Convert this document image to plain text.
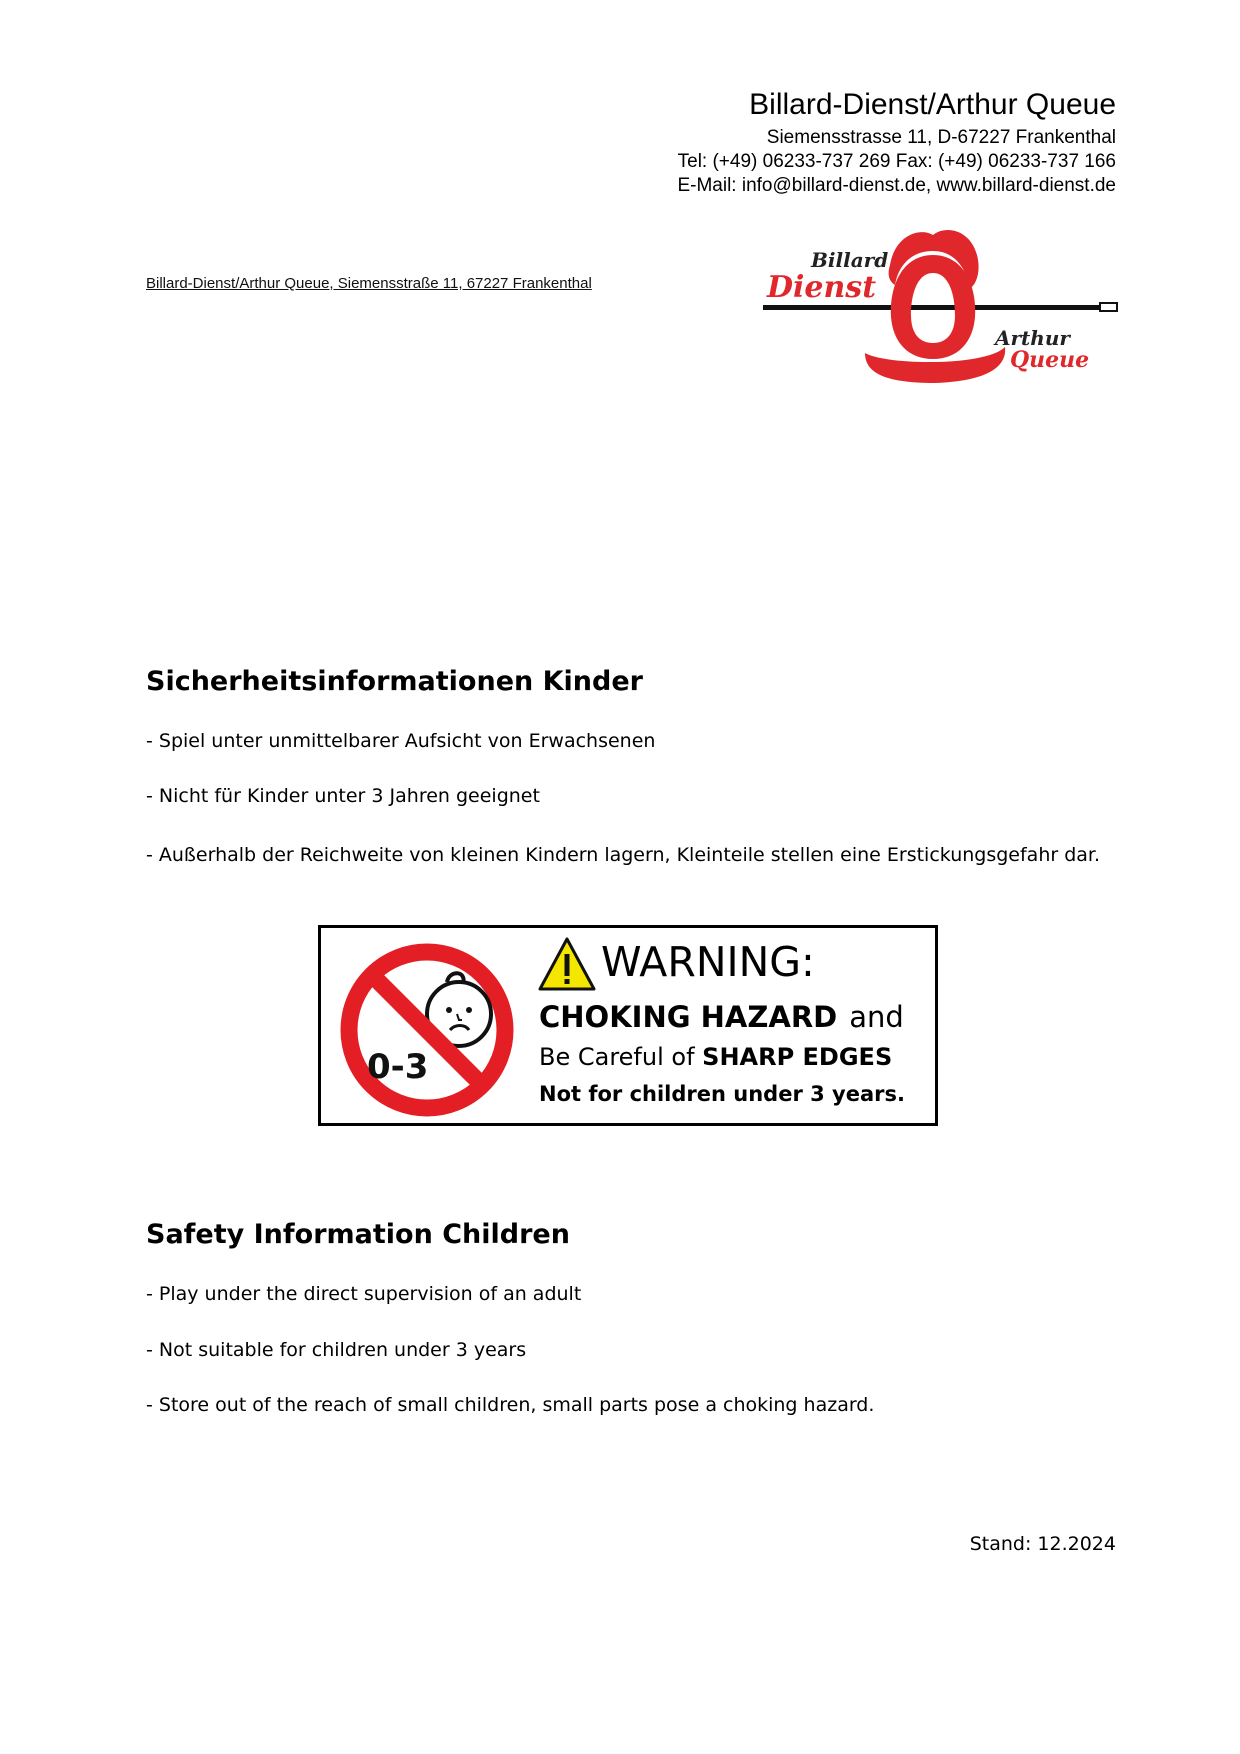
Billard-Dienst/Arthur Queue
Siemensstrasse 11, D-67227 Frankenthal
Tel: (+49) 06233-737 269 Fax: (+49) 06233-737 166
E-Mail: info@billard-dienst.de, www.billard-dienst.de
Billard-Dienst/Arthur Queue, Siemensstraße 11, 67227 Frankenthal
Billard
Dienst
Arthur
Queue
Sicherheitsinformationen Kinder
- Spiel unter unmittelbarer Aufsicht von Erwachsenen
- Nicht für Kinder unter 3 Jahren geeignet
- Außerhalb der Reichweite von kleinen Kindern lagern, Kleinteile stellen eine Erstickungsgefahr dar.
0-3
WARNING:
CHOKING HAZARD and
Be Careful of SHARP EDGES
Not for children under 3 years.
Safety Information Children
- Play under the direct supervision of an adult
- Not suitable for children under 3 years
- Store out of the reach of small children, small parts pose a choking hazard.
Stand: 12.2024
